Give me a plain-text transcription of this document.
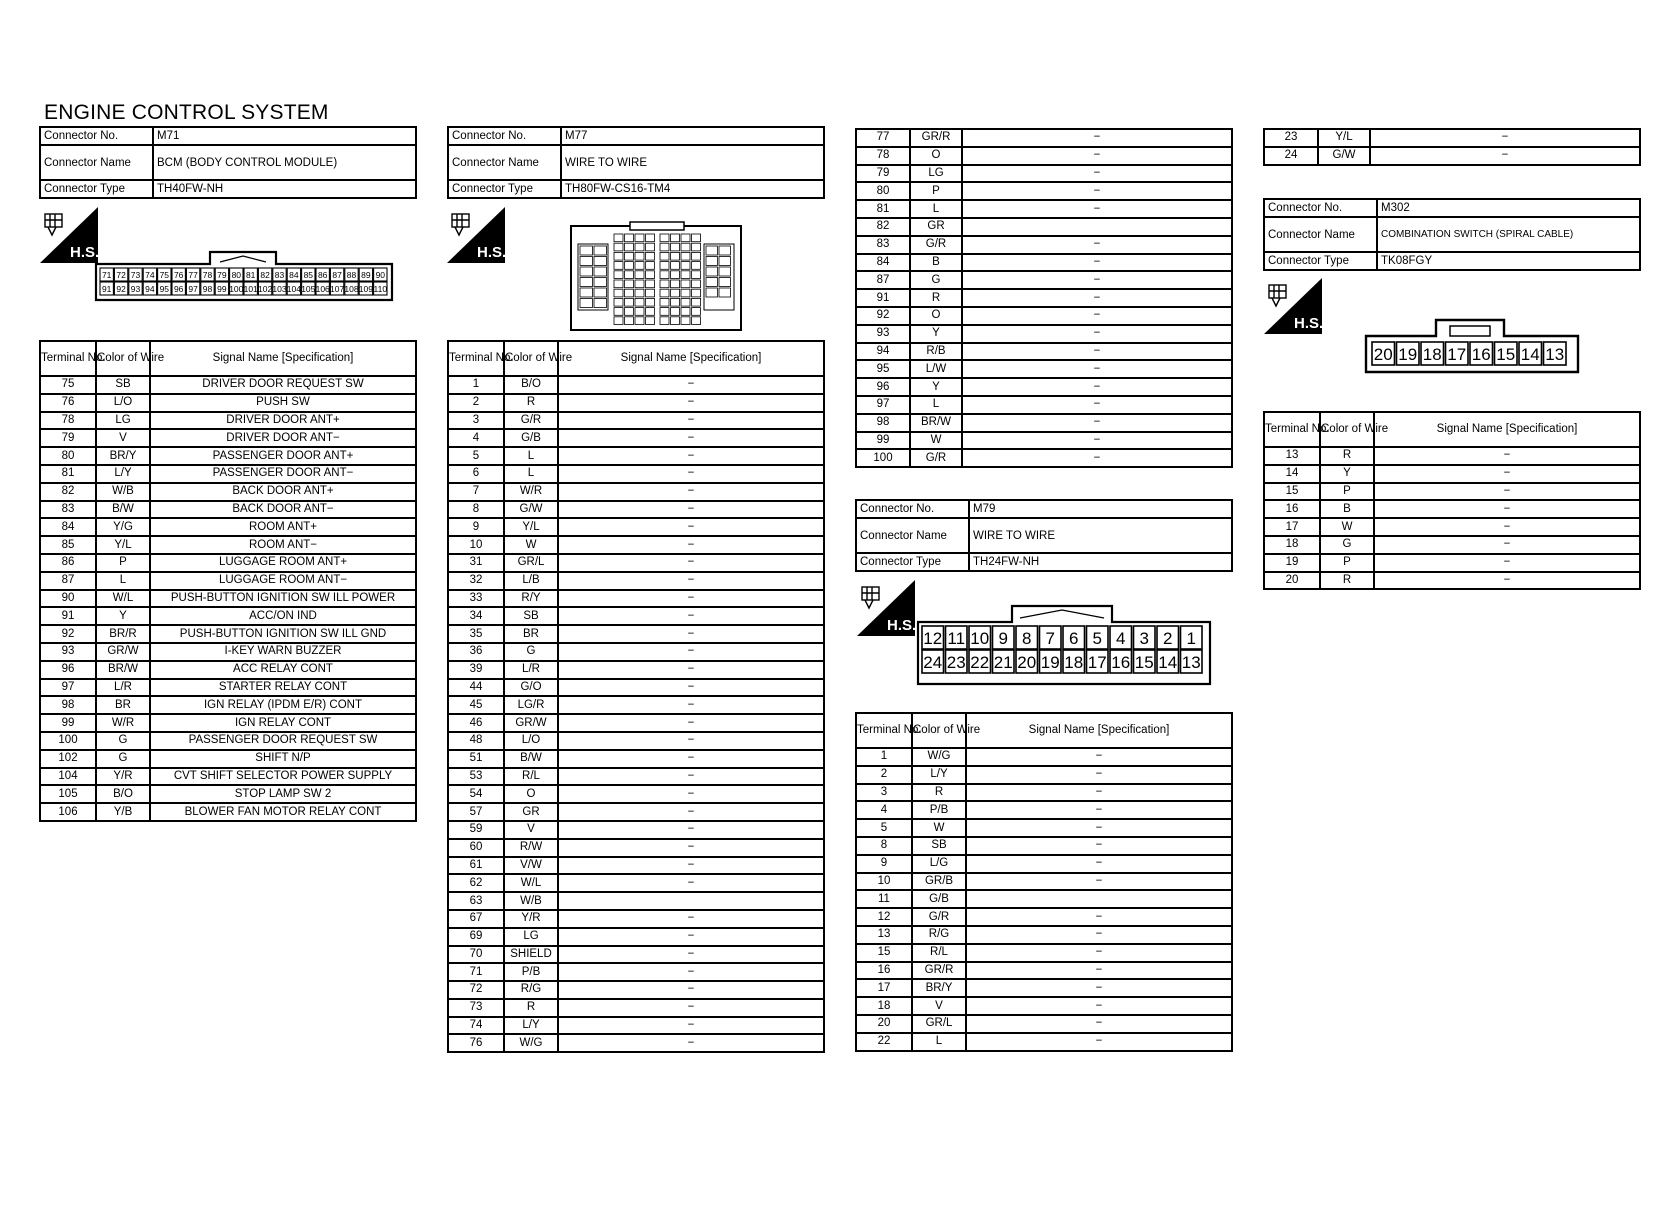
ENGINE CONTROL SYSTEM
Connector No.	M71
Connector Name	BCM (BODY CONTROL MODULE)
Connector Type	TH40FW-NH
H.S.
71 72 73 74 75 76 77 78 79 80 81 82 83 84 85 86 87 88 89 90
91 92 93 94 95 96 97 98 99 100 101 102 103 104 105 106 107 108 109 110
Terminal No.	Color of Wire	Signal Name [Specification]
75	SB	DRIVER DOOR REQUEST SW
76	L/O	PUSH SW
78	LG	DRIVER DOOR ANT+
79	V	DRIVER DOOR ANT−
80	BR/Y	PASSENGER DOOR ANT+
81	L/Y	PASSENGER DOOR ANT−
82	W/B	BACK DOOR ANT+
83	B/W	BACK DOOR ANT−
84	Y/G	ROOM ANT+
85	Y/L	ROOM ANT−
86	P	LUGGAGE ROOM ANT+
87	L	LUGGAGE ROOM ANT−
90	W/L	PUSH-BUTTON IGNITION SW ILL POWER
91	Y	ACC/ON IND
92	BR/R	PUSH-BUTTON IGNITION SW ILL GND
93	GR/W	I-KEY WARN BUZZER
96	BR/W	ACC RELAY CONT
97	L/R	STARTER RELAY CONT
98	BR	IGN RELAY (IPDM E/R) CONT
99	W/R	IGN RELAY CONT
100	G	PASSENGER DOOR REQUEST SW
102	G	SHIFT N/P
104	Y/R	CVT SHIFT SELECTOR POWER SUPPLY
105	B/O	STOP LAMP SW 2
106	Y/B	BLOWER FAN MOTOR RELAY CONT
Connector No.	M77
Connector Name	WIRE TO WIRE
Connector Type	TH80FW-CS16-TM4
H.S.
Terminal No.	Color of Wire	Signal Name [Specification]
1	B/O	−
2	R	−
3	G/R	−
4	G/B	−
5	L	−
6	L	−
7	W/R	−
8	G/W	−
9	Y/L	−
10	W	−
31	GR/L	−
32	L/B	−
33	R/Y	−
34	SB	−
35	BR	−
36	G	−
39	L/R	−
44	G/O	−
45	LG/R	−
46	GR/W	−
48	L/O	−
51	B/W	−
53	R/L	−
54	O	−
57	GR	−
59	V	−
60	R/W	−
61	V/W	−
62	W/L	−
63	W/B	
67	Y/R	−
69	LG	−
70	SHIELD	−
71	P/B	−
72	R/G	−
73	R	−
74	L/Y	−
76	W/G	−
77	GR/R	−
78	O	−
79	LG	−
80	P	−
81	L	−
82	GR	
83	G/R	−
84	B	−
87	G	−
91	R	−
92	O	−
93	Y	−
94	R/B	−
95	L/W	−
96	Y	−
97	L	−
98	BR/W	−
99	W	−
100	G/R	−
Connector No.	M79
Connector Name	WIRE TO WIRE
Connector Type	TH24FW-NH
H.S.
12 11 10 9 8 7 6 5 4 3 2 1
24 23 22 21 20 19 18 17 16 15 14 13
Terminal No.	Color of Wire	Signal Name [Specification]
1	W/G	−
2	L/Y	−
3	R	−
4	P/B	−
5	W	−
8	SB	−
9	L/G	−
10	GR/B	−
11	G/B	
12	G/R	−
13	R/G	−
15	R/L	−
16	GR/R	−
17	BR/Y	−
18	V	−
20	GR/L	−
22	L	−
23	Y/L	−
24	G/W	−
Connector No.	M302
Connector Name	COMBINATION SWITCH (SPIRAL CABLE)
Connector Type	TK08FGY
H.S.
20 19 18 17 16 15 14 13
Terminal No.	Color of Wire	Signal Name [Specification]
13	R	−
14	Y	−
15	P	−
16	B	−
17	W	−
18	G	−
19	P	−
20	R	−
